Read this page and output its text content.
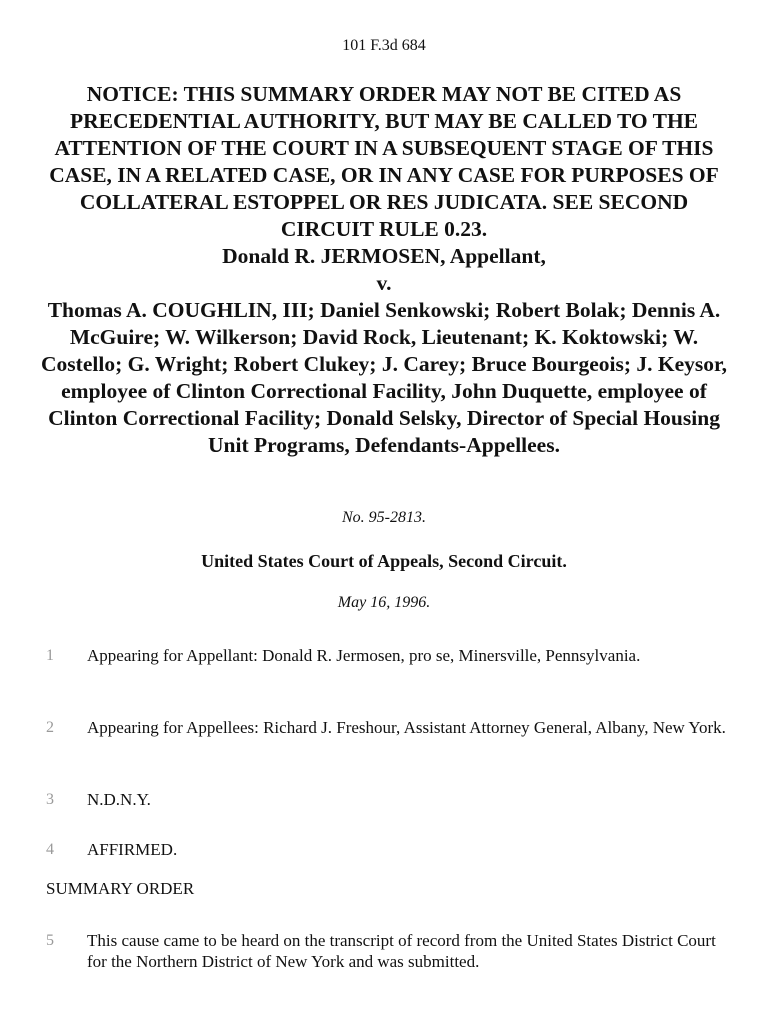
101 F.3d 684

NOTICE: THIS SUMMARY ORDER MAY NOT BE CITED AS PRECEDENTIAL AUTHORITY, BUT MAY BE CALLED TO THE ATTENTION OF THE COURT IN A SUBSEQUENT STAGE OF THIS CASE, IN A RELATED CASE, OR IN ANY CASE FOR PURPOSES OF COLLATERAL ESTOPPEL OR RES JUDICATA. SEE SECOND CIRCUIT RULE 0.23.

Donald R. JERMOSEN, Appellant,

v.

Thomas A. COUGHLIN, III; Daniel Senkowski; Robert Bolak; Dennis A. McGuire; W. Wilkerson; David Rock, Lieutenant; K. Koktowski; W. Costello; G. Wright; Robert Clukey; J. Carey; Bruce Bourgeois; J. Keysor, employee of Clinton Correctional Facility, John Duquette, employee of Clinton Correctional Facility; Donald Selsky, Director of Special Housing Unit Programs, Defendants-Appellees.

No. 95-2813.
United States Court of Appeals, Second Circuit.
May 16, 1996.
1 Appearing for Appellant: Donald R. Jermosen, pro se, Minersville, Pennsylvania.
2 Appearing for Appellees: Richard J. Freshour, Assistant Attorney General, Albany, New York.
3 N.D.N.Y.
4 AFFIRMED.
SUMMARY ORDER
5 This cause came to be heard on the transcript of record from the United States District Court for the Northern District of New York and was submitted.
